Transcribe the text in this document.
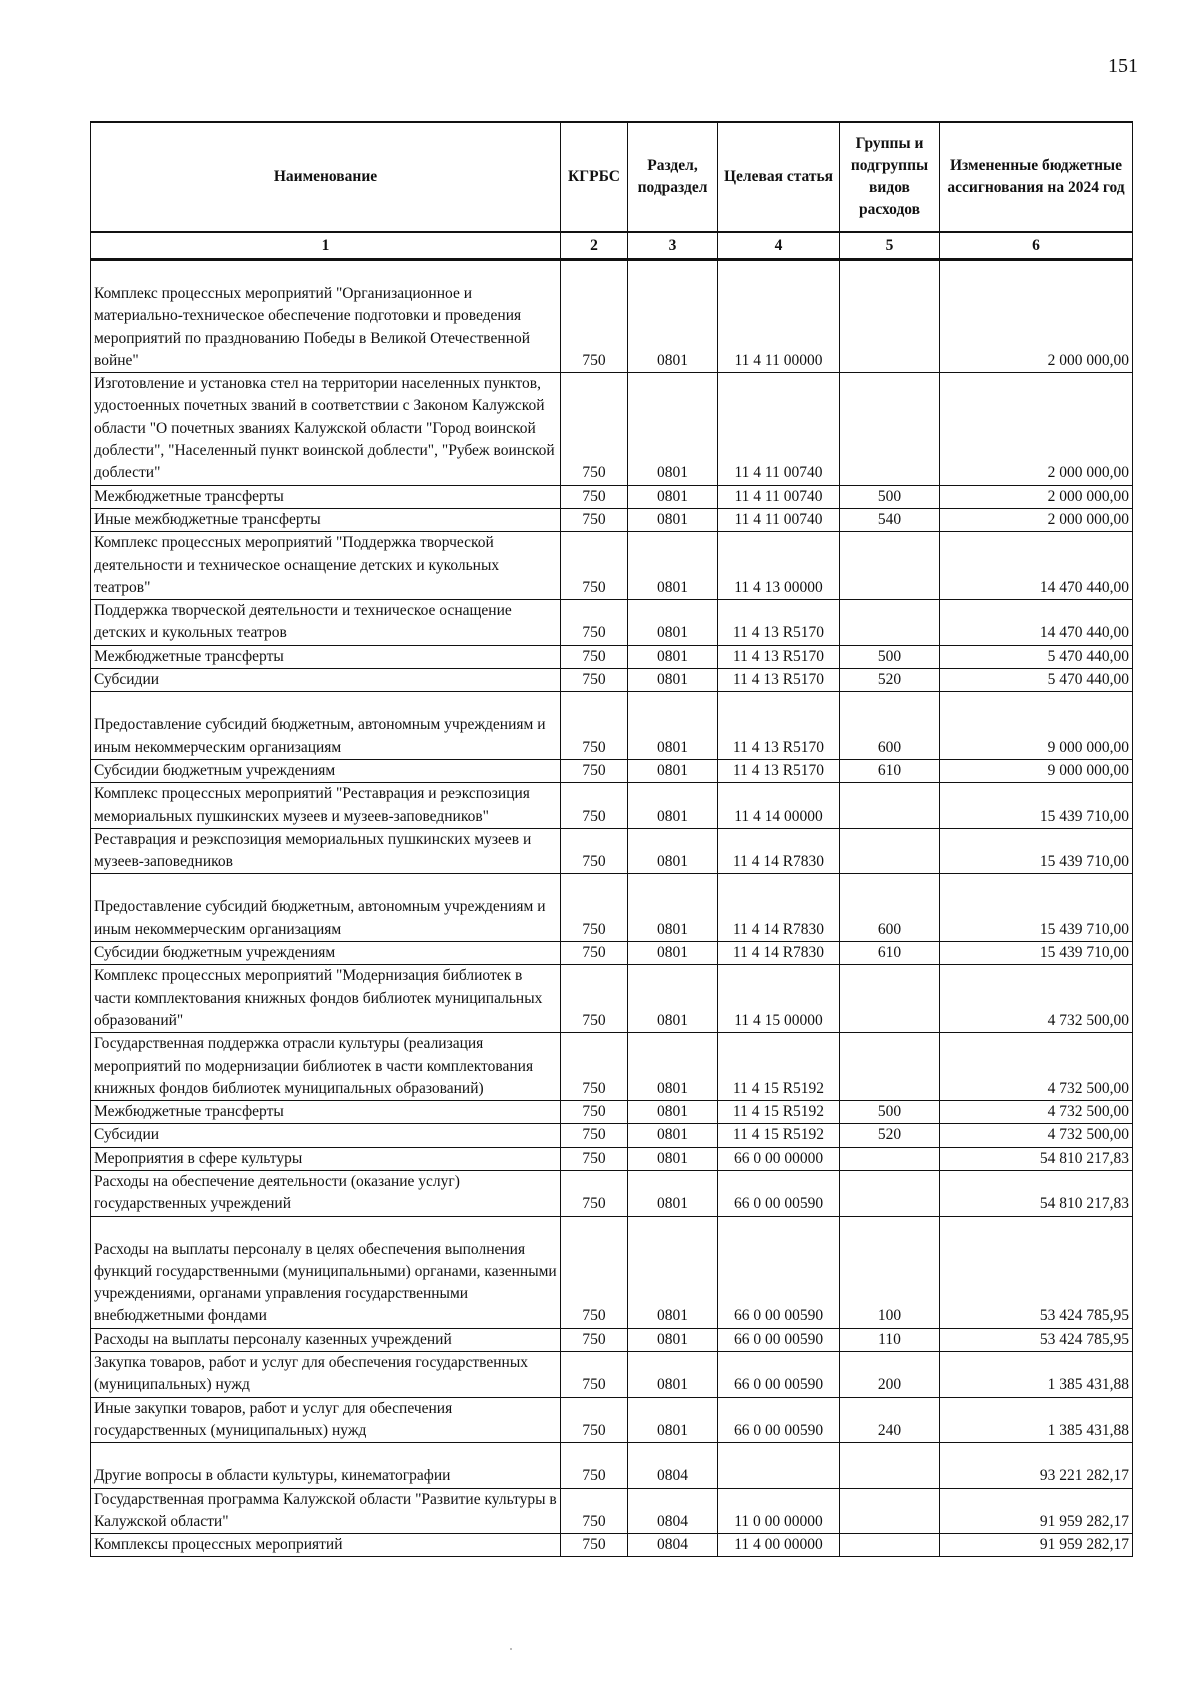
151
Наименование	КГРБС	Раздел, подраздел	Целевая статья	Группы и подгруппы видов расходов	Измененные бюджетные ассигнования на 2024 год
1	2	3	4	5	6

Комплекс процессных мероприятий "Организационное и материально-техническое обеспечение подготовки и проведения мероприятий по празднованию Победы в Великой Отечественной войне"	750	0801	11 4 11 00000		2 000 000,00
Изготовление и установка стел на территории населенных пунктов, удостоенных почетных званий в соответствии с Законом Калужской области "О почетных званиях Калужской области "Город воинской доблести", "Населенный пункт воинской доблести", "Рубеж воинской доблести"	750	0801	11 4 11 00740		2 000 000,00
Межбюджетные трансферты	750	0801	11 4 11 00740	500	2 000 000,00
Иные межбюджетные трансферты	750	0801	11 4 11 00740	540	2 000 000,00
Комплекс процессных мероприятий "Поддержка творческой деятельности и техническое оснащение детских и кукольных театров"	750	0801	11 4 13 00000		14 470 440,00
Поддержка творческой деятельности и техническое оснащение детских и кукольных театров	750	0801	11 4 13 R5170		14 470 440,00
Межбюджетные трансферты	750	0801	11 4 13 R5170	500	5 470 440,00
Субсидии	750	0801	11 4 13 R5170	520	5 470 440,00

Предоставление субсидий бюджетным, автономным учреждениям и иным некоммерческим организациям	750	0801	11 4 13 R5170	600	9 000 000,00
Субсидии бюджетным учреждениям	750	0801	11 4 13 R5170	610	9 000 000,00
Комплекс процессных мероприятий "Реставрация и реэкспозиция мемориальных пушкинских музеев и музеев-заповедников"	750	0801	11 4 14 00000		15 439 710,00
Реставрация и реэкспозиция мемориальных пушкинских музеев и музеев-заповедников	750	0801	11 4 14 R7830		15 439 710,00

Предоставление субсидий бюджетным, автономным учреждениям и иным некоммерческим организациям	750	0801	11 4 14 R7830	600	15 439 710,00
Субсидии бюджетным учреждениям	750	0801	11 4 14 R7830	610	15 439 710,00
Комплекс процессных мероприятий "Модернизация библиотек в части комплектования книжных фондов библиотек муниципальных образований"	750	0801	11 4 15 00000		4 732 500,00
Государственная поддержка отрасли культуры (реализация мероприятий по модернизации библиотек в части комплектования книжных фондов библиотек муниципальных образований)	750	0801	11 4 15 R5192		4 732 500,00
Межбюджетные трансферты	750	0801	11 4 15 R5192	500	4 732 500,00
Субсидии	750	0801	11 4 15 R5192	520	4 732 500,00
Мероприятия в сфере культуры	750	0801	66 0 00 00000		54 810 217,83
Расходы на обеспечение деятельности (оказание услуг) государственных учреждений	750	0801	66 0 00 00590		54 810 217,83

Расходы на выплаты персоналу в целях обеспечения выполнения функций государственными (муниципальными) органами, казенными учреждениями, органами управления государственными внебюджетными фондами	750	0801	66 0 00 00590	100	53 424 785,95
Расходы на выплаты персоналу казенных учреждений	750	0801	66 0 00 00590	110	53 424 785,95
Закупка товаров, работ и услуг для обеспечения государственных (муниципальных) нужд	750	0801	66 0 00 00590	200	1 385 431,88
Иные закупки товаров, работ и услуг для обеспечения государственных (муниципальных) нужд	750	0801	66 0 00 00590	240	1 385 431,88

Другие вопросы в области культуры, кинематографии	750	0804			93 221 282,17
Государственная программа Калужской области "Развитие культуры в Калужской области"	750	0804	11 0 00 00000		91 959 282,17
Комплексы процессных мероприятий	750	0804	11 4 00 00000		91 959 282,17
